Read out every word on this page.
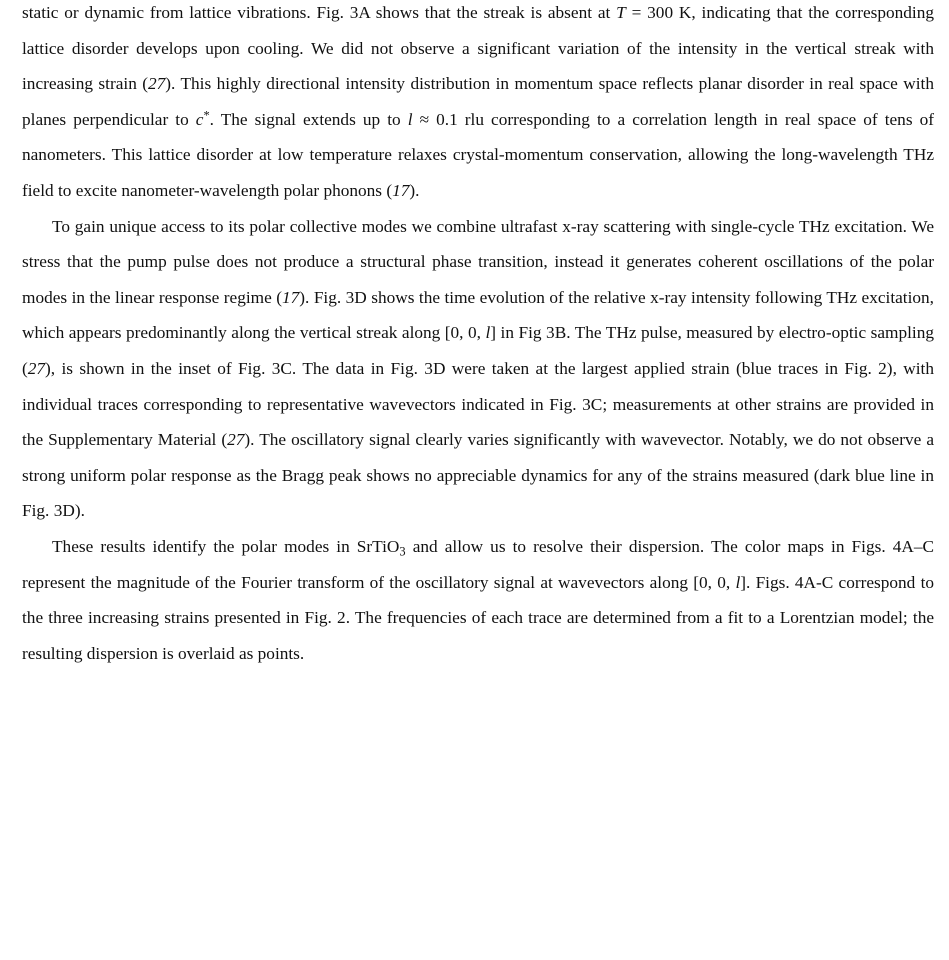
static or dynamic from lattice vibrations. Fig. 3A shows that the streak is absent at T = 300 K, indicating that the corresponding lattice disorder develops upon cooling. We did not observe a significant variation of the intensity in the vertical streak with increasing strain (27). This highly directional intensity distribution in momentum space reflects planar disorder in real space with planes perpendicular to c*. The signal extends up to l ≈ 0.1 rlu corresponding to a correlation length in real space of tens of nanometers. This lattice disorder at low temperature relaxes crystal-momentum conservation, allowing the long-wavelength THz field to excite nanometer-wavelength polar phonons (17).

To gain unique access to its polar collective modes we combine ultrafast x-ray scattering with single-cycle THz excitation. We stress that the pump pulse does not produce a structural phase transition, instead it generates coherent oscillations of the polar modes in the linear response regime (17). Fig. 3D shows the time evolution of the relative x-ray intensity following THz excitation, which appears predominantly along the vertical streak along [0, 0, l] in Fig 3B. The THz pulse, measured by electro-optic sampling (27), is shown in the inset of Fig. 3C. The data in Fig. 3D were taken at the largest applied strain (blue traces in Fig. 2), with individual traces corresponding to representative wavevectors indicated in Fig. 3C; measurements at other strains are provided in the Supplementary Material (27). The oscillatory signal clearly varies significantly with wavevector. Notably, we do not observe a strong uniform polar response as the Bragg peak shows no appreciable dynamics for any of the strains measured (dark blue line in Fig. 3D).

These results identify the polar modes in SrTiO$_3$ and allow us to resolve their dispersion. The color maps in Figs. 4A–C represent the magnitude of the Fourier transform of the oscillatory signal at wavevectors along [0, 0, l]. Figs. 4A-C correspond to the three increasing strains presented in Fig. 2. The frequencies of each trace are determined from a fit to a Lorentzian model; the resulting dispersion is overlaid as points.
